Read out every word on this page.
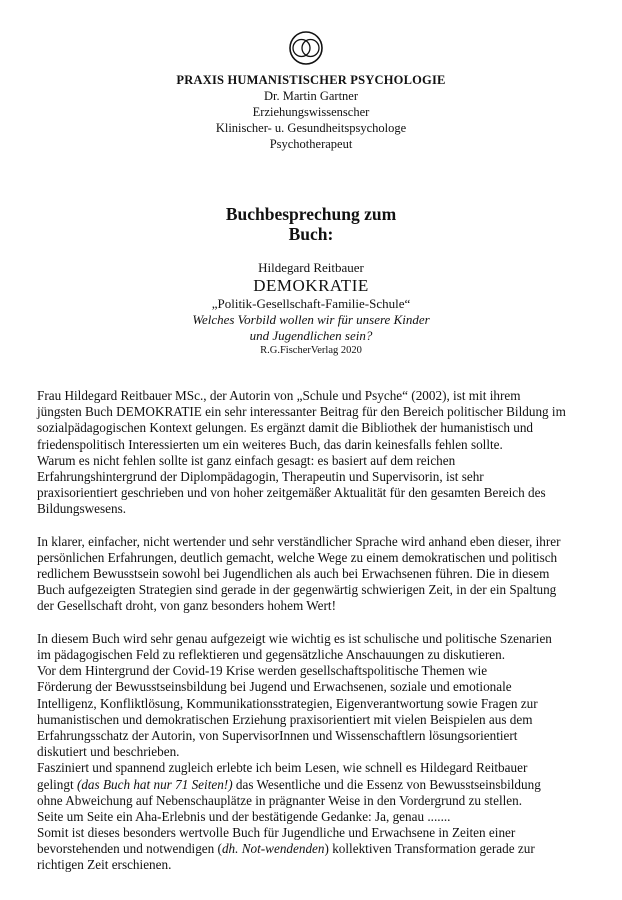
PRAXIS HUMANISTISCHER PSYCHOLOGIE
Dr. Martin Gartner
Erziehungswissenscher
Klinischer- u. Gesundheitspsychologe
Psychotherapeut
Buchbesprechung zum
Buch:
Hildegard Reitbauer
DEMOKRATIE
„Politik-Gesellschaft-Familie-Schule“
Welches Vorbild wollen wir für unsere Kinder
und Jugendlichen sein?
R.G.FischerVerlag 2020
Frau Hildegard Reitbauer MSc., der Autorin von „Schule und Psyche“ (2002), ist mit ihrem
jüngsten Buch DEMOKRATIE ein sehr interessanter Beitrag für den Bereich politischer Bildung im
sozialpädagogischen Kontext gelungen. Es ergänzt damit die Bibliothek der humanistisch und
friedenspolitisch Interessierten um ein weiteres Buch, das darin keinesfalls fehlen sollte.
Warum es nicht fehlen sollte ist ganz einfach gesagt: es basiert auf dem reichen
Erfahrungshintergrund der Diplompädagogin, Therapeutin und Supervisorin, ist sehr
praxisorientiert geschrieben und von hoher zeitgemäßer Aktualität für den gesamten Bereich des
Bildungswesens.
In klarer, einfacher, nicht wertender und sehr verständlicher Sprache wird anhand eben dieser, ihrer
persönlichen Erfahrungen, deutlich gemacht, welche Wege zu einem demokratischen und politisch
redlichem Bewusstsein sowohl bei Jugendlichen als auch bei Erwachsenen führen. Die in diesem
Buch aufgezeigten Strategien sind gerade in der gegenwärtig schwierigen Zeit, in der ein Spaltung
der Gesellschaft droht, von ganz besonders hohem Wert!
In diesem Buch wird sehr genau aufgezeigt wie wichtig es ist schulische und politische Szenarien
im pädagogischen Feld zu reflektieren und gegensätzliche Anschauungen zu diskutieren.
Vor dem Hintergrund der Covid-19 Krise werden gesellschaftspolitische Themen wie
Förderung der Bewusstseinsbildung bei Jugend und Erwachsenen, soziale und emotionale
Intelligenz, Konfliktlösung, Kommunikationsstrategien, Eigenverantwortung sowie Fragen zur
humanistischen und demokratischen Erziehung praxisorientiert mit vielen Beispielen aus dem
Erfahrungsschatz der Autorin, von SupervisorInnen und Wissenschaftlern lösungsorientiert
diskutiert und beschrieben.
Fasziniert und spannend zugleich erlebte ich beim Lesen, wie schnell es Hildegard Reitbauer
gelingt (das Buch hat nur 71 Seiten!) das Wesentliche und die Essenz von Bewusstseinsbildung
ohne Abweichung auf Nebenschauplätze in prägnanter Weise in den Vordergrund zu stellen.
Seite um Seite ein Aha-Erlebnis und der bestätigende Gedanke: Ja, genau .......
Somit ist dieses besonders wertvolle Buch für Jugendliche und Erwachsene in Zeiten einer
bevorstehenden und notwendigen (dh. Not-wendenden) kollektiven Transformation gerade zur
richtigen Zeit erschienen.
